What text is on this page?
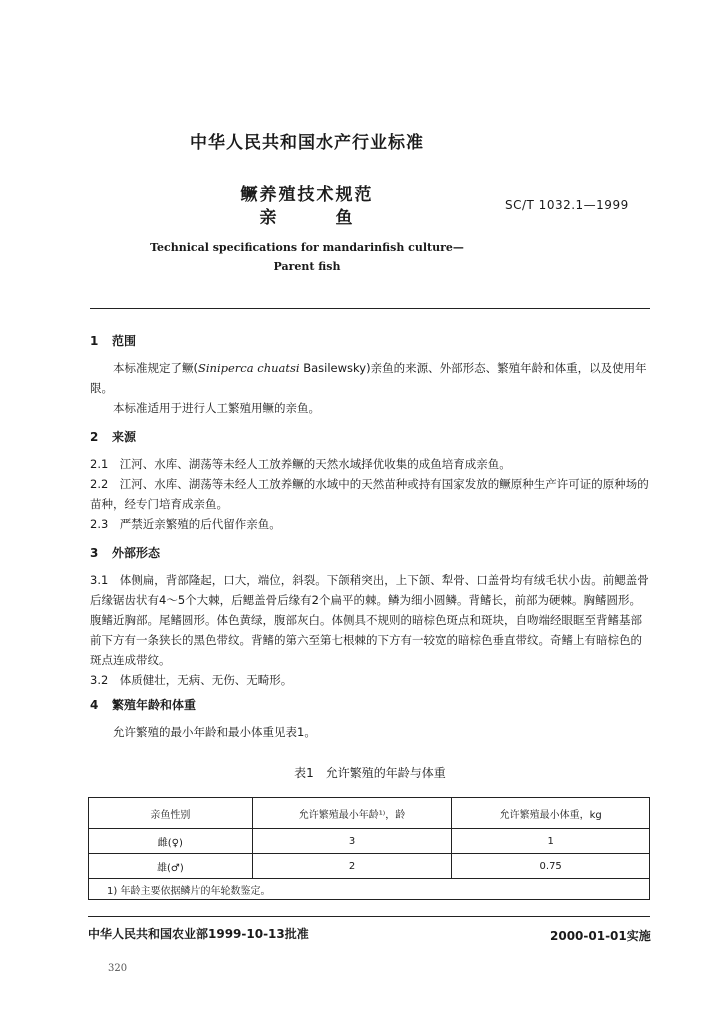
中华人民共和国水产行业标准
鳜养殖技术规范
亲　　　鱼
SC/T 1032.1—1999
Technical specifications for mandarinfish culture—
Parent fish
1 范围
本标准规定了鳜(Siniperca chuatsi Basilewsky)亲鱼的来源、外部形态、繁殖年龄和体重，以及使用年限。
本标准适用于进行人工繁殖用鳜的亲鱼。
2 来源
2.1　江河、水库、湖荡等未经人工放养鳜的天然水域择优收集的成鱼培育成亲鱼。
2.2　江河、水库、湖荡等未经人工放养鳜的水域中的天然苗种或持有国家发放的鳜原种生产许可证的原种场的苗种，经专门培育成亲鱼。
2.3　严禁近亲繁殖的后代留作亲鱼。
3 外部形态
3.1　体侧扁，背部隆起，口大，端位，斜裂。下颌稍突出，上下颌、犁骨、口盖骨均有绒毛状小齿。前鳃盖骨后缘锯齿状有4～5个大棘，后鳃盖骨后缘有2个扁平的棘。鳞为细小圆鳞。背鳍长，前部为硬棘。胸鳍圆形。腹鳍近胸部。尾鳍圆形。体色黄绿，腹部灰白。体侧具不规则的暗棕色斑点和斑块，自吻端经眼眶至背鳍基部前下方有一条狭长的黑色带纹。背鳍的第六至第七根棘的下方有一较宽的暗棕色垂直带纹。奇鳍上有暗棕色的斑点连成带纹。
3.2　体质健壮，无病、无伤、无畸形。
4 繁殖年龄和体重
允许繁殖的最小年龄和最小体重见表1。
表1　允许繁殖的年龄与体重
亲鱼性别	允许繁殖最小年龄¹⁾，龄	允许繁殖最小体重，kg
雌(♀)	3	1
雄(♂)	2	0.75
1) 年龄主要依据鳞片的年轮数鉴定。		
中华人民共和国农业部1999-10-13批准	2000-01-01实施
320
